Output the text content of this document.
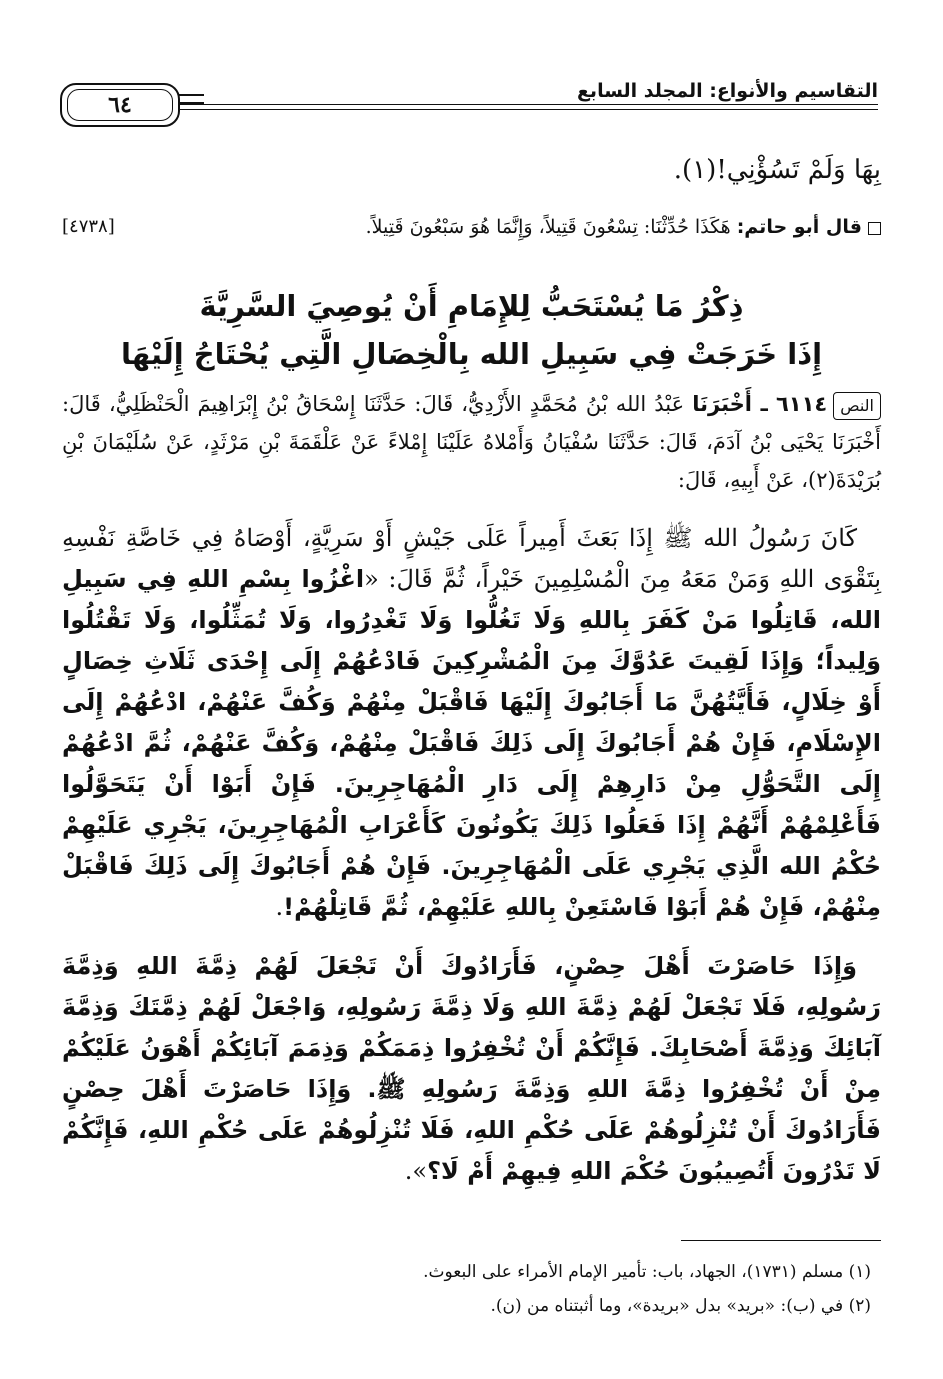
٦٤
التقاسيم والأنواع: المجلد السابع
بِهَا وَلَمْ تَسُؤْنِي!(١).
قال أبو حاتم: هَكَذَا حُدِّثْنَا: تِسْعُونَ قَتِيلاً، وَإِنَّمَا هُوَ سَبْعُونَ قَتِيلاً.
[٤٧٣٨]
ذِكْرُ مَا يُسْتَحَبُّ لِلإِمَامِ أَنْ يُوصِيَ السَّرِيَّةَ
إِذَا خَرَجَتْ فِي سَبِيلِ الله بِالْخِصَالِ الَّتِي يُحْتَاجُ إِلَيْهَا
النص٦١١٤ ـ أَخْبَرَنَا عَبْدُ الله بْنُ مُحَمَّدٍ الأَزْدِيُّ، قَالَ: حَدَّثَنَا إِسْحَاقُ بْنُ إِبْرَاهِيمَ الْحَنْظَلِيُّ، قَالَ: أَخْبَرَنَا يَحْيَى بْنُ آدَمَ، قَالَ: حَدَّثَنَا سُفْيَانُ وَأَمْلاهُ عَلَيْنَا إِمْلاءً عَنْ عَلْقَمَةَ بْنِ مَرْثَدٍ، عَنْ سُلَيْمَانَ بْنِ بُرَيْدَةَ(٢)، عَنْ أَبِيهِ، قَالَ:

كَانَ رَسُولُ الله ﷺ إِذَا بَعَثَ أَمِيراً عَلَى جَيْشٍ أَوْ سَرِيَّةٍ، أَوْصَاهُ فِي خَاصَّةِ نَفْسِهِ بِتَقْوَى اللهِ وَمَنْ مَعَهُ مِنَ الْمُسْلِمِينَ خَيْراً، ثُمَّ قَالَ: «اغْزُوا بِسْمِ اللهِ فِي سَبِيلِ الله، قَاتِلُوا مَنْ كَفَرَ بِاللهِ وَلَا تَغُلُّوا وَلَا تَغْدِرُوا، وَلَا تُمَثِّلُوا، وَلَا تَقْتُلُوا وَلِيداً؛ وَإِذَا لَقِيتَ عَدُوَّكَ مِنَ الْمُشْرِكِينَ فَادْعُهُمْ إِلَى إِحْدَى ثَلَاثِ خِصَالٍ أَوْ خِلَالٍ، فَأَيَّتُهُنَّ مَا أَجَابُوكَ إِلَيْهَا فَاقْبَلْ مِنْهُمْ وَكُفَّ عَنْهُمْ، ادْعُهُمْ إِلَى الإِسْلَامِ، فَإِنْ هُمْ أَجَابُوكَ إِلَى ذَلِكَ فَاقْبَلْ مِنْهُمْ، وَكُفَّ عَنْهُمْ، ثُمَّ ادْعُهُمْ إِلَى التَّحَوُّلِ مِنْ دَارِهِمْ إِلَى دَارِ الْمُهَاجِرِينَ. فَإِنْ أَبَوْا أَنْ يَتَحَوَّلُوا فَأَعْلِمْهُمْ أَنَّهُمْ إِذَا فَعَلُوا ذَلِكَ يَكُونُونَ كَأَعْرَابِ الْمُهَاجِرِينَ، يَجْرِي عَلَيْهِمْ حُكْمُ الله الَّذِي يَجْرِي عَلَى الْمُهَاجِرِينَ. فَإِنْ هُمْ أَجَابُوكَ إِلَى ذَلِكَ فَاقْبَلْ مِنْهُمْ، فَإِنْ هُمْ أَبَوْا فَاسْتَعِنْ بِاللهِ عَلَيْهِمْ، ثُمَّ قَاتِلْهُمْ!.

وَإِذَا حَاصَرْتَ أَهْلَ حِصْنٍ، فَأَرَادُوكَ أَنْ تَجْعَلَ لَهُمْ ذِمَّةَ اللهِ وَذِمَّةَ رَسُولِهِ، فَلَا تَجْعَلْ لَهُمْ ذِمَّةَ اللهِ وَلَا ذِمَّةَ رَسُولِهِ، وَاجْعَلْ لَهُمْ ذِمَّتَكَ وَذِمَّةَ آبَائِكَ وَذِمَّةَ أَصْحَابِكَ. فَإِنَّكُمْ أَنْ تُخْفِرُوا ذِمَمَكُمْ وَذِمَمَ آبَائِكُمْ أَهْوَنُ عَلَيْكُمْ مِنْ أَنْ تُخْفِرُوا ذِمَّةَ اللهِ وَذِمَّةَ رَسُولِهِ ﷺ. وَإِذَا حَاصَرْتَ أَهْلَ حِصْنٍ فَأَرَادُوكَ أَنْ تُنْزِلُوهُمْ عَلَى حُكْمِ اللهِ، فَلَا تُنْزِلُوهُمْ عَلَى حُكْمِ اللهِ، فَإِنَّكُمْ لَا تَدْرُونَ أَتُصِيبُونَ حُكْمَ اللهِ فِيهِمْ أَمْ لَا؟».

(١) مسلم (١٧٣١)، الجهاد، باب: تأمير الإمام الأمراء على البعوث.
(٢) في (ب): «بريد» بدل «بريدة»، وما أثبتناه من (ن).
